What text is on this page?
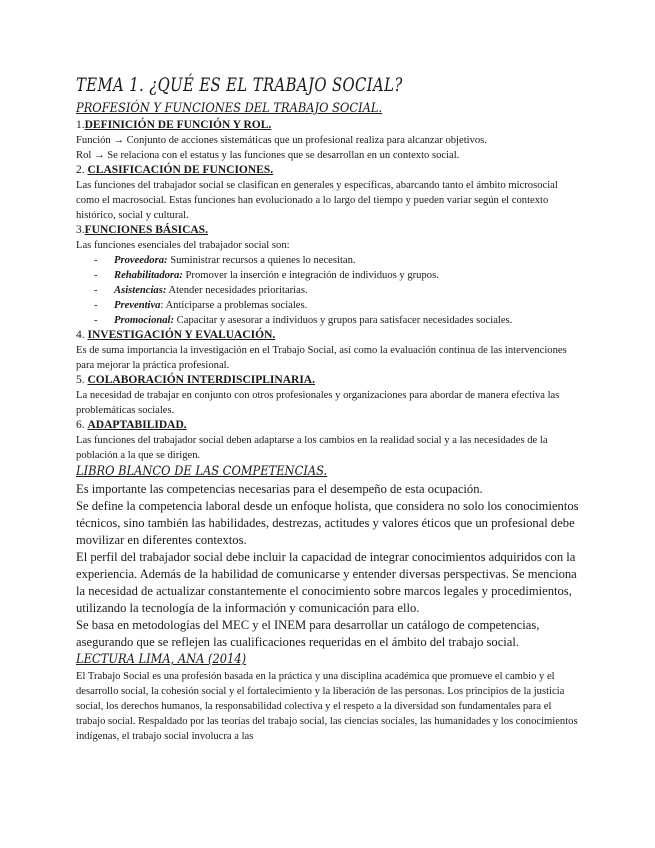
TEMA 1. ¿QUÉ ES EL TRABAJO SOCIAL?
PROFESIÓN Y FUNCIONES DEL TRABAJO SOCIAL.
1.DEFINICIÓN DE FUNCIÓN Y ROL.

Función → Conjunto de acciones sistemáticas que un profesional realiza para alcanzar objetivos.

Rol → Se relaciona con el estatus y las funciones que se desarrollan en un contexto social.

2. CLASIFICACIÓN DE FUNCIONES.

Las funciones del trabajador social se clasifican en generales y específicas, abarcando tanto el ámbito microsocial como el macrosocial. Estas funciones han evolucionado a lo largo del tiempo y pueden variar según el contexto histórico, social y cultural.

3.FUNCIONES BÁSICAS.

Las funciones esenciales del trabajador social son:

- Proveedora: Suministrar recursos a quienes lo necesitan.
- Rehabilitadora: Promover la inserción e integración de individuos y grupos.
- Asistencias: Atender necesidades prioritarias.
- Preventiva: Anticiparse a problemas sociales.
- Promocional: Capacitar y asesorar a individuos y grupos para satisfacer necesidades sociales.
4. INVESTIGACIÓN Y EVALUACIÓN.

Es de suma importancia la investigación en el Trabajo Social, así como la evaluación continua de las intervenciones para mejorar la práctica profesional.

5. COLABORACIÓN INTERDISCIPLINARIA.

La necesidad de trabajar en conjunto con otros profesionales y organizaciones para abordar de manera efectiva las problemáticas sociales.

6. ADAPTABILIDAD.

Las funciones del trabajador social deben adaptarse a los cambios en la realidad social y a las necesidades de la población a la que se dirigen.

LIBRO BLANCO DE LAS COMPETENCIAS.

Es importante las competencias necesarias para el desempeño de esta ocupación.

Se define la competencia laboral desde un enfoque holista, que considera no solo los conocimientos técnicos, sino también las habilidades, destrezas, actitudes y valores éticos que un profesional debe movilizar en diferentes contextos.

El perfil del trabajador social debe incluir la capacidad de integrar conocimientos adquiridos con la experiencia. Además de la habilidad de comunicarse y entender diversas perspectivas. Se menciona la necesidad de actualizar constantemente el conocimiento sobre marcos legales y procedimientos, utilizando la tecnología de la información y comunicación para ello.

Se basa en metodologías del MEC y el INEM para desarrollar un catálogo de competencias, asegurando que se reflejen las cualificaciones requeridas en el ámbito del trabajo social.

LECTURA LIMA, ANA (2014)

El Trabajo Social es una profesión basada en la práctica y una disciplina académica que promueve el cambio y el desarrollo social, la cohesión social y el fortalecimiento y la liberación de las personas. Los principios de la justicia social, los derechos humanos, la responsabilidad colectiva y el respeto a la diversidad son fundamentales para el trabajo social. Respaldado por las teorías del trabajo social, las ciencias sociales, las humanidades y los conocimientos indígenas, el trabajo social involucra a las
